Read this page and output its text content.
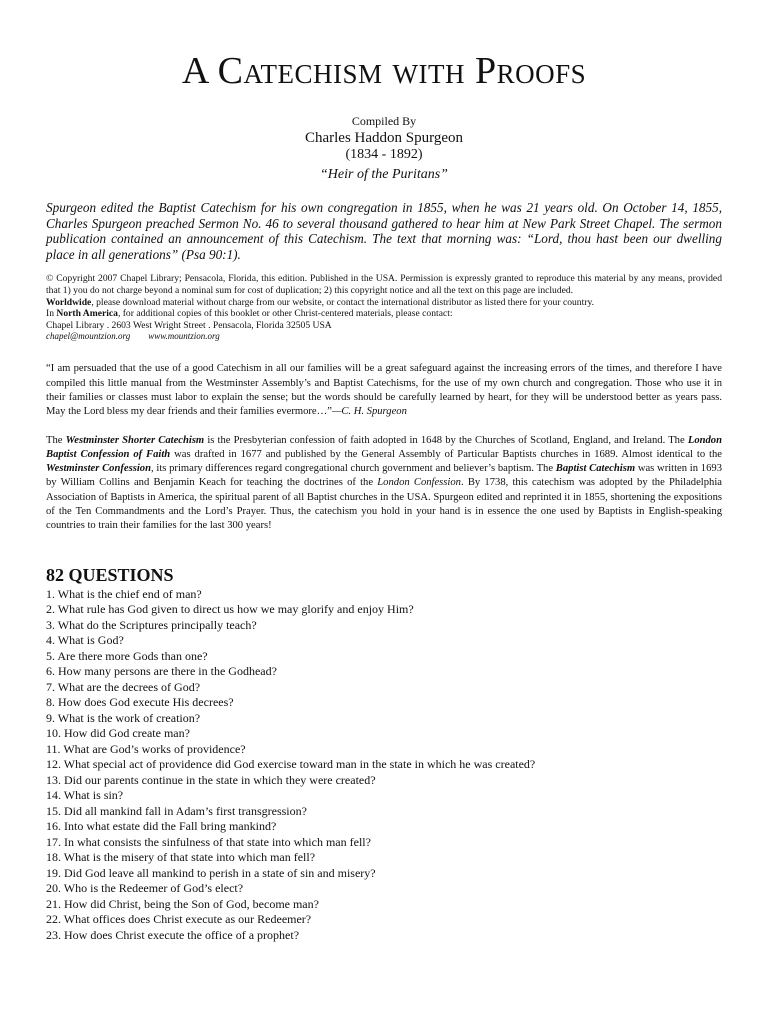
A Catechism with Proofs
Compiled By
Charles Haddon Spurgeon
(1834 - 1892)
“Heir of the Puritans”

Spurgeon edited the Baptist Catechism for his own congregation in 1855, when he was 21 years old. On October 14, 1855, Charles Spurgeon preached Sermon No. 46 to several thousand gathered to hear him at New Park Street Chapel. The sermon publication contained an announcement of this Catechism. The text that morning was: “Lord, thou hast been our dwelling place in all generations” (Psa 90:1).

© Copyright 2007 Chapel Library; Pensacola, Florida, this edition. Published in the USA. Permission is expressly granted to reproduce this material by any means, provided that 1) you do not charge beyond a nominal sum for cost of duplication; 2) this copyright notice and all the text on this page are included.
Worldwide, please download material without charge from our website, or contact the international distributor as listed there for your country.
In North America, for additional copies of this booklet or other Christ-centered materials, please contact:
Chapel Library . 2603 West Wright Street . Pensacola, Florida 32505 USA
chapel@mountzion.org www.mountzion.org

“I am persuaded that the use of a good Catechism in all our families will be a great safeguard against the increasing errors of the times, and therefore I have compiled this little manual from the Westminster Assembly’s and Baptist Catechisms, for the use of my own church and congregation. Those who use it in their families or classes must labor to explain the sense; but the words should be carefully learned by heart, for they will be understood better as years pass. May the Lord bless my dear friends and their families evermore…”—C. H. Spurgeon

The Westminster Shorter Catechism is the Presbyterian confession of faith adopted in 1648 by the Churches of Scotland, England, and Ireland. The London Baptist Confession of Faith was drafted in 1677 and published by the General Assembly of Particular Baptists churches in 1689. Almost identical to the Westminster Confession, its primary differences regard congregational church government and believer’s baptism. The Baptist Catechism was written in 1693 by William Collins and Benjamin Keach for teaching the doctrines of the London Confession. By 1738, this catechism was adopted by the Philadelphia Association of Baptists in America, the spiritual parent of all Baptist churches in the USA. Spurgeon edited and reprinted it in 1855, shortening the expositions of the Ten Commandments and the Lord’s Prayer. Thus, the catechism you hold in your hand is in essence the one used by Baptists in English-speaking countries to train their families for the last 300 years!

82 QUESTIONS
1. What is the chief end of man?
2. What rule has God given to direct us how we may glorify and enjoy Him?
3. What do the Scriptures principally teach?
4. What is God?
5. Are there more Gods than one?
6. How many persons are there in the Godhead?
7. What are the decrees of God?
8. How does God execute His decrees?
9. What is the work of creation?
10. How did God create man?
11. What are God’s works of providence?
12. What special act of providence did God exercise toward man in the state in which he was created?
13. Did our parents continue in the state in which they were created?
14. What is sin?
15. Did all mankind fall in Adam’s first transgression?
16. Into what estate did the Fall bring mankind?
17. In what consists the sinfulness of that state into which man fell?
18. What is the misery of that state into which man fell?
19. Did God leave all mankind to perish in a state of sin and misery?
20. Who is the Redeemer of God’s elect?
21. How did Christ, being the Son of God, become man?
22. What offices does Christ execute as our Redeemer?
23. How does Christ execute the office of a prophet?
